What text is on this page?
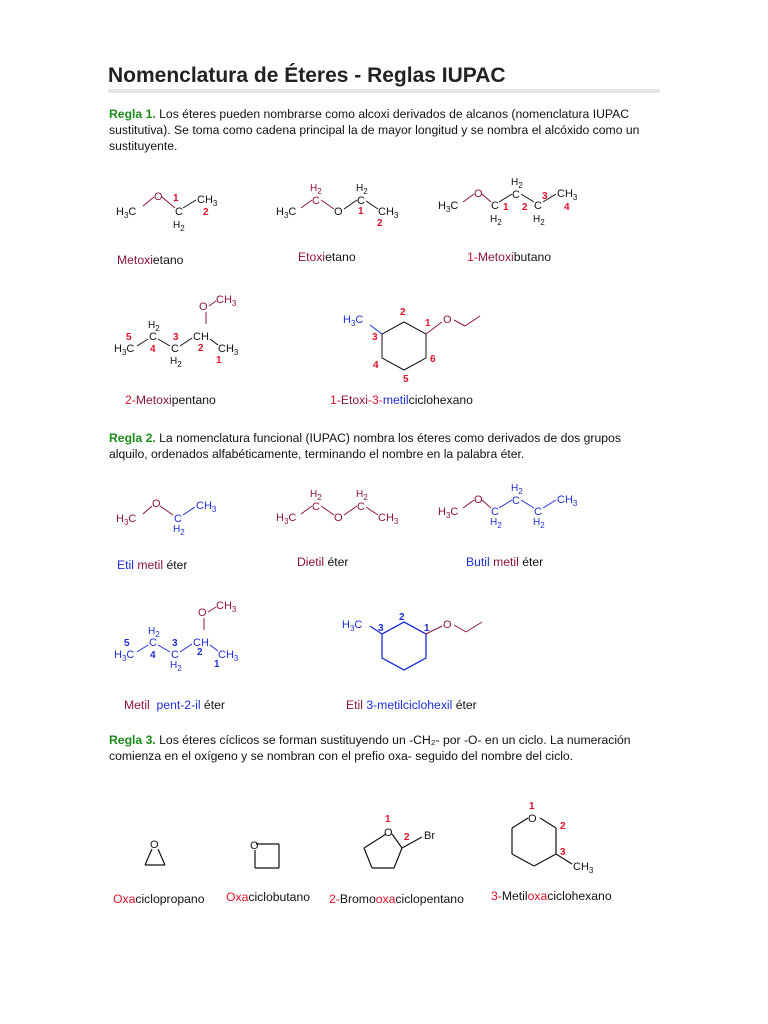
Nomenclatura de Éteres - Reglas IUPAC
Regla 1. Los éteres pueden nombrarse como alcoxi derivados de alcanos (nomenclatura IUPAC sustitutiva). Se toma como cadena principal la de mayor longitud y se nombra el alcóxido como un sustituyente.
Regla 2. La nomenclatura funcional (IUPAC) nombra los éteres como derivados de dos grupos alquilo, ordenados alfabéticamente, terminando el nombre en la palabra éter.
Regla 3. Los éteres cíclicos se forman sustituyendo un -CH₂- por -O- en un ciclo. La numeración comienza en el oxígeno y se nombran con el prefio oxa- seguido del nombre del ciclo.
$H_3C$
O
C
$H_2$
$CH_3$
1
2	$H_3C$
C
$H_2$
O
C
$H_2$
$CH_3$
1
2
$H_3C$
O
C
$H_2$
C
$H_2$
C
$H_2$
$CH_3$
1 2
3
4
O
$CH_3$
$H_3C$
C
$H_2$
C
$H_2$
CH
$CH_3$
5
4
3
2
1
$H_3C$	O
2
1
3
4
5
6
Metoxietano	Etoxietano	1-Metoxibutano
2-Metoxipentano	1-Etoxi-3-metilciclohexano
$H_3C$
O
C
$H_2$
$CH_3$
$H_3C$
C
$H_2$
O
C
$H_2$
$CH_3$
$H_3C$
O
C
$H_2$
C
$H_2$
C
$H_2$
$CH_3$
O
$CH_3$
$H_3C$
C
$H_2$
C
$H_2$
CH
$CH_3$
5
4
3
2
1
$H_3C$	O
2
1
3
Etil metil éter	Dietil éter	Butil metil éter
Metil  pent-2-il éter	Etil 3-metilciclohexil éter
O	O
O
1
2 Br
O
1
2
3
$CH_3$
Oxaciclopropano Oxaciclobutano 2-Bromooxaciclopentano 3-Metiloxaciclohexano
